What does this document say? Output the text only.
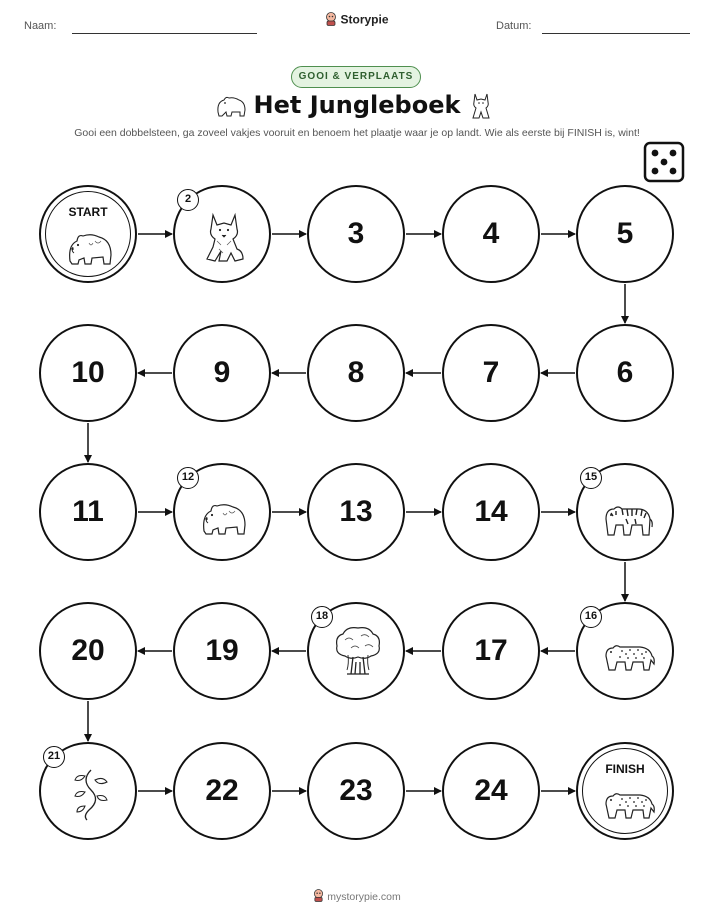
Naam:	Storypie	Datum:
GOOI & VERPLAATS
Het Jungleboek
Gooi een dobbelsteen, ga zoveel vakjes vooruit en benoem het plaatje waar je op landt. Wie als eerste bij FINISH is, wint!
START
2
3	4	5
6
7
8
9
10
11
12
13	14
15
16
17
18
19
20
21
22	23	24
FINISH
mystorypie.com
